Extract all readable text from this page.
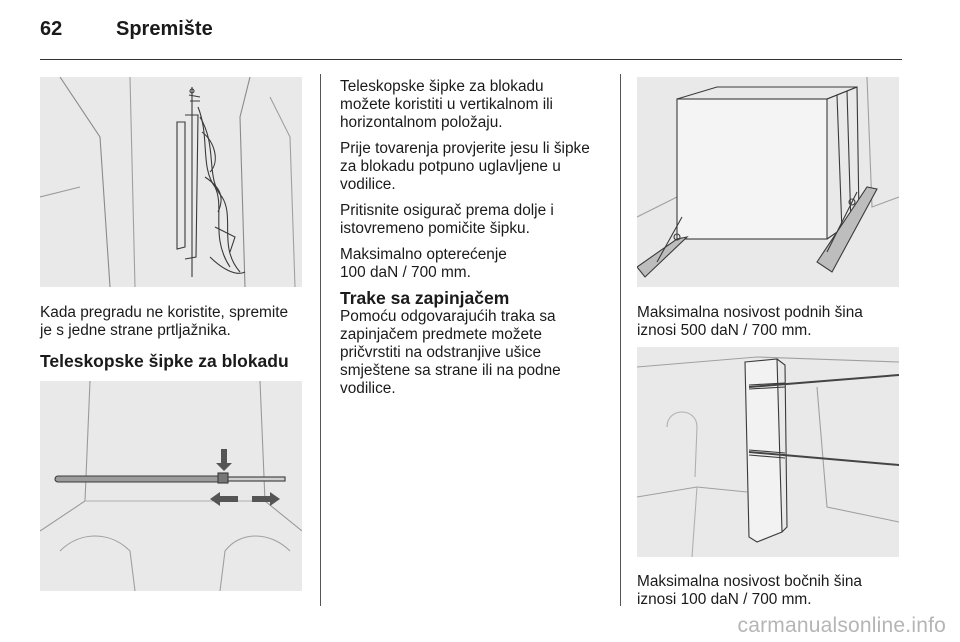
62	Spremište

Kada pregradu ne koristite, spremite

je s jedne strane prtljažnika.

Teleskopske šipke za blokadu

Teleskopske šipke za blokadu

možete koristiti u vertikalnom ili

horizontalnom položaju.

Prije tovarenja provjerite jesu li šipke

za blokadu potpuno uglavljene u

vodilice.

Pritisnite osigurač prema dolje i

istovremeno pomičite šipku.

Maksimalno opterećenje

100 daN / 700 mm.

Trake sa zapinjačem

Pomoću odgovarajućih traka sa

zapinjačem predmete možete

pričvrstiti na odstranjive ušice

smještene sa strane ili na podne

vodilice.

Maksimalna nosivost podnih šina

iznosi 500 daN / 700 mm.

Maksimalna nosivost bočnih šina

iznosi 100 daN / 700 mm.

carmanualsonline.info
